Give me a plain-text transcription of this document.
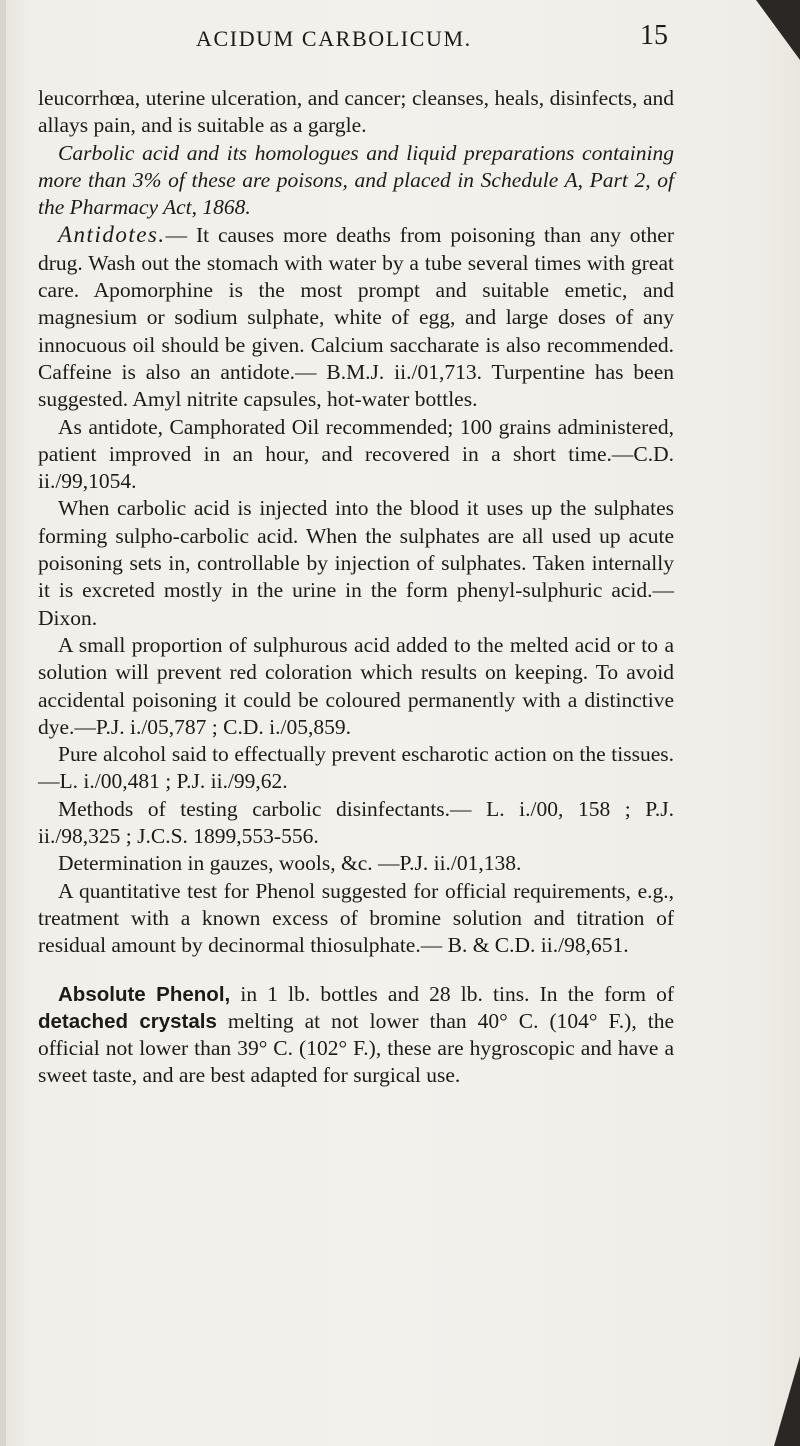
ACIDUM CARBOLICUM.	15

leucorrhœa, uterine ulceration, and cancer; cleanses, heals, disinfects, and allays pain, and is suitable as a gargle.

Carbolic acid and its homologues and liquid preparations containing more than 3% of these are poisons, and placed in Schedule A, Part 2, of the Pharmacy Act, 1868.

Antidotes.— It causes more deaths from poisoning than any other drug. Wash out the stomach with water by a tube several times with great care. Apomorphine is the most prompt and suitable emetic, and magnesium or sodium sulphate, white of egg, and large doses of any innocuous oil should be given. Calcium saccharate is also recommended. Caffeine is also an antidote.— B.M.J. ii./01,713. Turpentine has been suggested. Amyl nitrite capsules, hot-water bottles.

As antidote, Camphorated Oil recommended; 100 grains administered, patient improved in an hour, and recovered in a short time.—C.D. ii./99,1054.

When carbolic acid is injected into the blood it uses up the sulphates forming sulpho-carbolic acid. When the sulphates are all used up acute poisoning sets in, controllable by injection of sulphates. Taken internally it is excreted mostly in the urine in the form phenyl-sulphuric acid.—Dixon.

A small proportion of sulphurous acid added to the melted acid or to a solution will prevent red coloration which results on keeping. To avoid accidental poisoning it could be coloured permanently with a distinctive dye.—P.J. i./05,787 ; C.D. i./05,859.

Pure alcohol said to effectually prevent escharotic action on the tissues.—L. i./00,481 ; P.J. ii./99,62.

Methods of testing carbolic disinfectants.— L. i./00, 158 ; P.J. ii./98,325 ; J.C.S. 1899,553-556.

Determination in gauzes, wools, &c. —P.J. ii./01,138.

A quantitative test for Phenol suggested for official requirements, e.g., treatment with a known excess of bromine solution and titration of residual amount by decinormal thiosulphate.— B. & C.D. ii./98,651.

Absolute Phenol, in 1 lb. bottles and 28 lb. tins. In the form of detached crystals melting at not lower than 40° C. (104° F.), the official not lower than 39° C. (102° F.), these are hygroscopic and have a sweet taste, and are best adapted for surgical use.
